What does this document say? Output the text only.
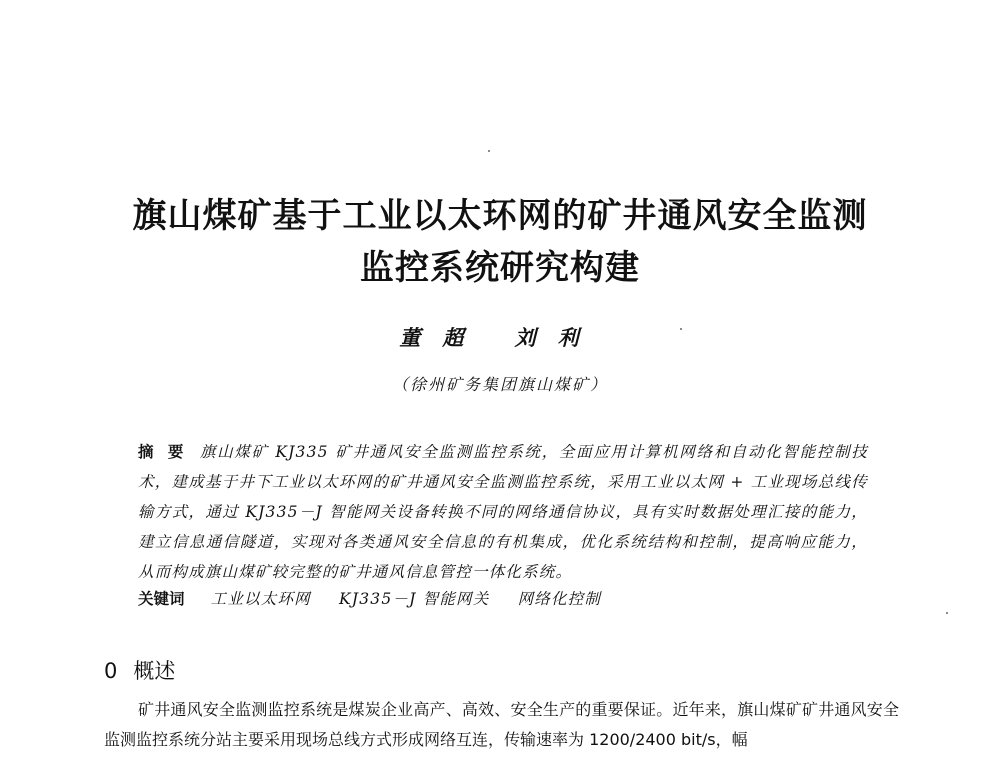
旗山煤矿基于工业以太环网的矿井通风安全监测
监控系统研究构建
董超 刘利
（徐州矿务集团旗山煤矿）
摘 要 旗山煤矿 KJ335 矿井通风安全监测监控系统，全面应用计算机网络和自动化智能控制技术，建成基于井下工业以太环网的矿井通风安全监测监控系统，采用工业以太网 + 工业现场总线传输方式，通过 KJ335－J 智能网关设备转换不同的网络通信协议，具有实时数据处理汇接的能力，建立信息通信隧道，实现对各类通风安全信息的有机集成，优化系统结构和控制，提高响应能力，从而构成旗山煤矿较完整的矿井通风信息管控一体化系统。
关键词 工业以太环网 KJ335－J 智能网关 网络化控制
0 概述

矿井通风安全监测监控系统是煤炭企业高产、高效、安全生产的重要保证。近年来，旗山煤矿矿井通风安全监测监控系统分站主要采用现场总线方式形成网络互连，传输速率为 1200/2400 bit/s，幅
